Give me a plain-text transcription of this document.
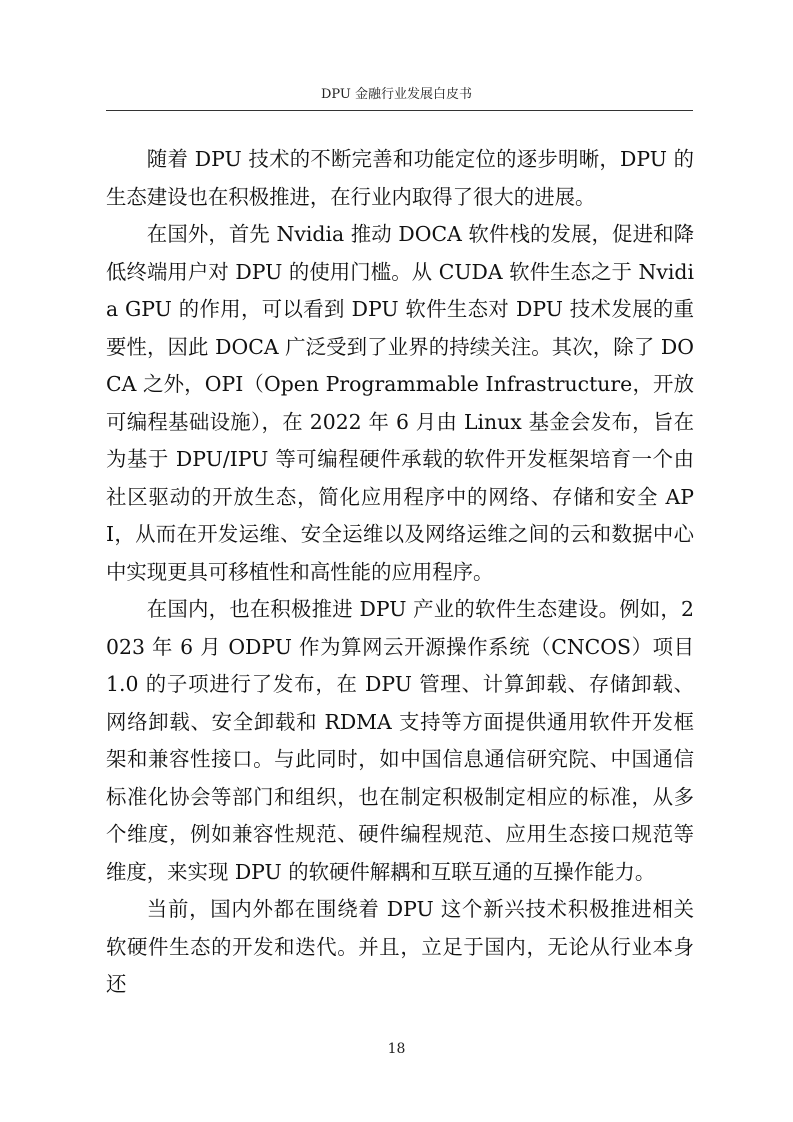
DPU 金融行业发展白皮书

随着 DPU 技术的不断完善和功能定位的逐步明晰，DPU 的生态建设也在积极推进，在行业内取得了很大的进展。

在国外，首先 Nvidia 推动 DOCA 软件栈的发展，促进和降低终端用户对 DPU 的使用门槛。从 CUDA 软件生态之于 Nvidia GPU 的作用，可以看到 DPU 软件生态对 DPU 技术发展的重要性，因此 DOCA 广泛受到了业界的持续关注。其次，除了 DOCA 之外，OPI（Open Programmable Infrastructure，开放可编程基础设施），在 2022 年 6 月由 Linux 基金会发布，旨在为基于 DPU/IPU 等可编程硬件承载的软件开发框架培育一个由社区驱动的开放生态，简化应用程序中的网络、存储和安全 API，从而在开发运维、安全运维以及网络运维之间的云和数据中心中实现更具可移植性和高性能的应用程序。

在国内，也在积极推进 DPU 产业的软件生态建设。例如，2023 年 6 月 ODPU 作为算网云开源操作系统（CNCOS）项目 1.0 的子项进行了发布，在 DPU 管理、计算卸载、存储卸载、网络卸载、安全卸载和 RDMA 支持等方面提供通用软件开发框架和兼容性接口。与此同时，如中国信息通信研究院、中国通信标准化协会等部门和组织，也在制定积极制定相应的标准，从多个维度，例如兼容性规范、硬件编程规范、应用生态接口规范等维度，来实现 DPU 的软硬件解耦和互联互通的互操作能力。

当前，国内外都在围绕着 DPU 这个新兴技术积极推进相关软硬件生态的开发和迭代。并且，立足于国内，无论从行业本身还

18
